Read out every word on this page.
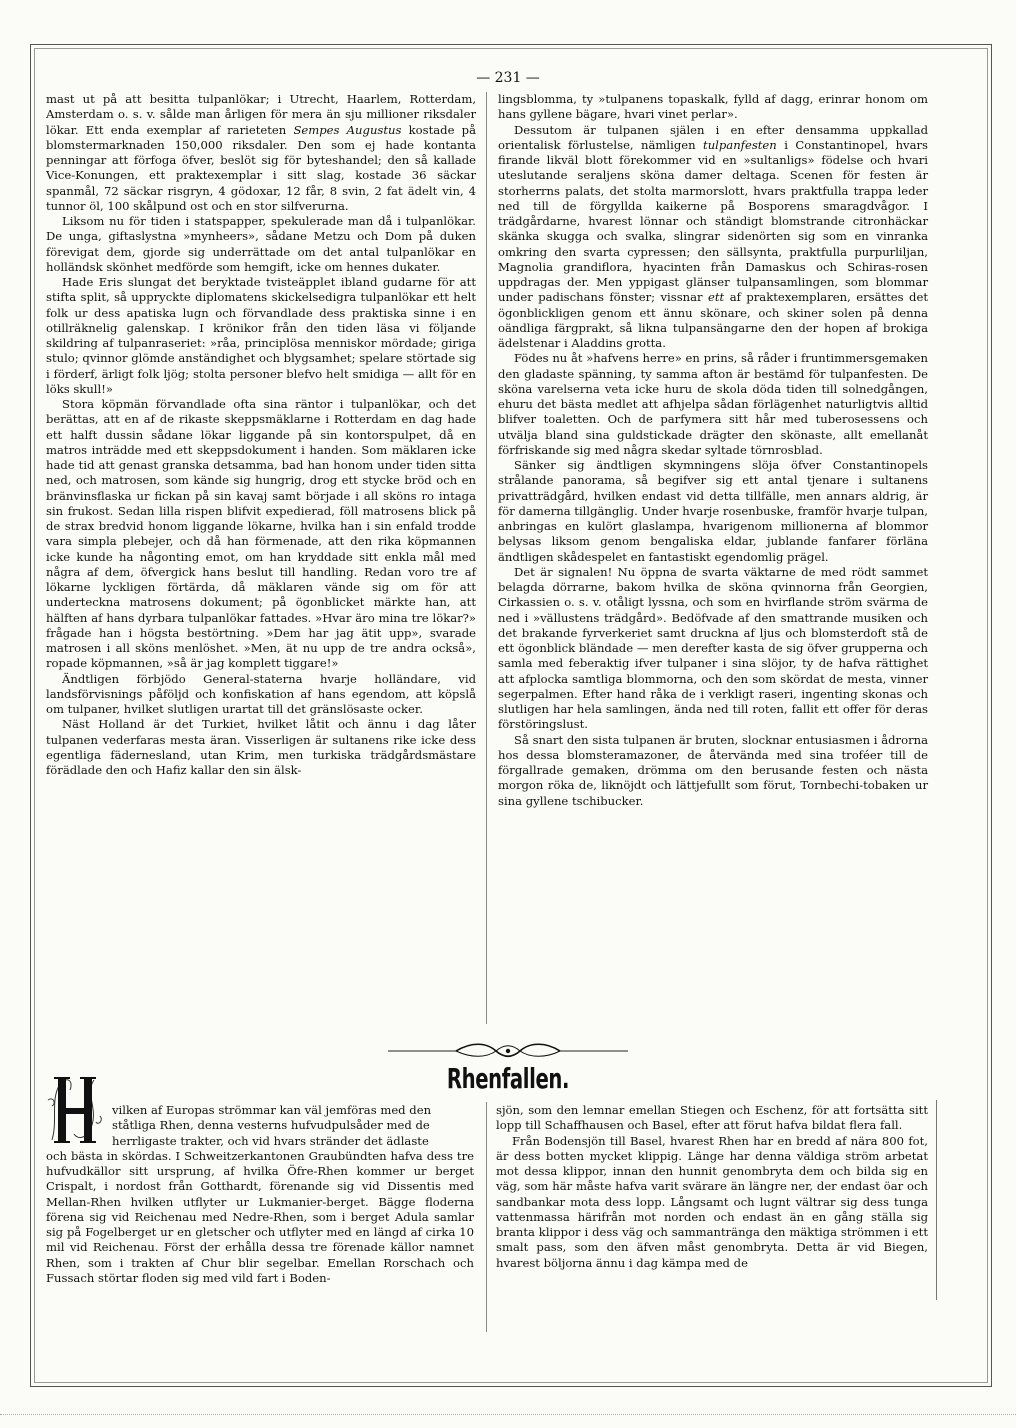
— 231 —

mast ut på att besitta tulpanlökar; i Utrecht, Haarlem, Rotterdam, Amsterdam o. s. v. sålde man årligen för mera än sju millioner riksdaler lökar. Ett enda exemplar af rarieteten Sempes Augustus kostade på blomstermarknaden 150,000 riksdaler. Den som ej hade kontanta penningar att förfoga öfver, beslöt sig för byteshandel; den så kallade Vice-Konungen, ett praktexemplar i sitt slag, kostade 36 säckar spanmål, 72 säckar risgryn, 4 gödoxar, 12 får, 8 svin, 2 fat ädelt vin, 4 tunnor öl, 100 skålpund ost och en stor silfverurna.

Liksom nu för tiden i statspapper, spekulerade man då i tulpanlökar. De unga, giftaslystna »mynheers», sådane Metzu och Dom på duken förevigat dem, gjorde sig underrättade om det antal tulpanlökar en holländsk skönhet medförde som hemgift, icke om hennes dukater.

Hade Eris slungat det beryktade tvisteäpplet ibland gudarne för att stifta split, så uppryckte diplomatens skickelsedigra tulpanlökar ett helt folk ur dess apatiska lugn och förvandlade dess praktiska sinne i en otillräknelig galenskap. I krönikor från den tiden läsa vi följande skildring af tulpanraseriet: »råa, principlösa menniskor mördade; giriga stulo; qvinnor glömde anständighet och blygsamhet; spelare störtade sig i förderf, ärligt folk ljög; stolta personer blefvo helt smidiga — allt för en löks skull!»

Stora köpmän förvandlade ofta sina räntor i tulpanlökar, och det berättas, att en af de rikaste skeppsmäklarne i Rotterdam en dag hade ett halft dussin sådane lökar liggande på sin kontorspulpet, då en matros inträdde med ett skeppsdokument i handen. Som mäklaren icke hade tid att genast granska detsamma, bad han honom under tiden sitta ned, och matrosen, som kände sig hungrig, drog ett stycke bröd och en bränvinsflaska ur fickan på sin kavaj samt började i all sköns ro intaga sin frukost. Sedan lilla rispen blifvit expedierad, föll matrosens blick på de strax bredvid honom liggande lökarne, hvilka han i sin enfald trodde vara simpla plebejer, och då han förmenade, att den rika köpmannen icke kunde ha någonting emot, om han kryddade sitt enkla mål med några af dem, öfvergick hans beslut till handling. Redan voro tre af lökarne lyckligen förtärda, då mäklaren vände sig om för att underteckna matrosens dokument; på ögonblicket märkte han, att hälften af hans dyrbara tulpanlökar fattades. »Hvar äro mina tre lökar?» frågade han i högsta bestörtning. »Dem har jag ätit upp», svarade matrosen i all sköns menlöshet. »Men, ät nu upp de tre andra också», ropade köpmannen, »så är jag komplett tiggare!»

Ändtligen förbjödo General-staterna hvarje holländare, vid landsförvisnings påföljd och konfiskation af hans egendom, att köpslå om tulpaner, hvilket slutligen urartat till det gränslösaste ocker.

Näst Holland är det Turkiet, hvilket låtit och ännu i dag låter tulpanen vederfaras mesta äran. Visserligen är sultanens rike icke dess egentliga fädernesland, utan Krim, men turkiska trädgårdsmästare förädlade den och Hafiz kallar den sin älsk-

lingsblomma, ty »tulpanens topaskalk, fylld af dagg, erinrar honom om hans gyllene bägare, hvari vinet perlar».

Dessutom är tulpanen själen i en efter densamma uppkallad orientalisk förlustelse, nämligen tulpanfesten i Constantinopel, hvars firande likväl blott förekommer vid en »sultanligs» födelse och hvari uteslutande seraljens sköna damer deltaga. Scenen för festen är storherrns palats, det stolta marmorslott, hvars praktfulla trappa leder ned till de förgyllda kaikerne på Bosporens smaragdvågor. I trädgårdarne, hvarest lönnar och ständigt blomstrande citronhäckar skänka skugga och svalka, slingrar sidenörten sig som en vinranka omkring den svarta cypressen; den sällsynta, praktfulla purpurliljan, Magnolia grandiflora, hyacinten från Damaskus och Schiras-rosen uppdragas der. Men yppigast glänser tulpansamlingen, som blommar under padischans fönster; vissnar ett af praktexemplaren, ersättes det ögonblickligen genom ett ännu skönare, och skiner solen på denna oändliga färgprakt, så likna tulpansängarne den der hopen af brokiga ädelstenar i Aladdins grotta.

Födes nu åt »hafvens herre» en prins, så råder i fruntimmersgemaken den gladaste spänning, ty samma afton är bestämd för tulpanfesten. De sköna varelserna veta icke huru de skola döda tiden till solnedgången, ehuru det bästa medlet att afhjelpa sådan förlägenhet naturligtvis alltid blifver toaletten. Och de parfymera sitt hår med tuberosessens och utvälja bland sina guldstickade drägter den skönaste, allt emellanåt förfriskande sig med några skedar syltade törnrosblad.

Sänker sig ändtligen skymningens slöja öfver Constantinopels strålande panorama, så begifver sig ett antal tjenare i sultanens privatträdgård, hvilken endast vid detta tillfälle, men annars aldrig, är för damerna tillgänglig. Under hvarje rosenbuske, framför hvarje tulpan, anbringas en kulört glaslampa, hvarigenom millionerna af blommor belysas liksom genom bengaliska eldar, jublande fanfarer förläna ändtligen skådespelet en fantastiskt egendomlig prägel.

Det är signalen! Nu öppna de svarta väktarne de med rödt sammet belagda dörrarne, bakom hvilka de sköna qvinnorna från Georgien, Cirkassien o. s. v. otåligt lyssna, och som en hvirflande ström svärma de ned i »vällustens trädgård». Bedöfvade af den smattrande musiken och det brakande fyrverkeriet samt druckna af ljus och blomsterdoft stå de ett ögonblick bländade — men derefter kasta de sig öfver grupperna och samla med feberaktig ifver tulpaner i sina slöjor, ty de hafva rättighet att afplocka samtliga blommorna, och den som skördat de mesta, vinner segerpalmen. Efter hand råka de i verkligt raseri, ingenting skonas och slutligen har hela samlingen, ända ned till roten, fallit ett offer för deras förstöringslust.

Så snart den sista tulpanen är bruten, slocknar entusiasmen i ådrorna hos dessa blomsteramazoner, de återvända med sina troféer till de förgallrade gemaken, drömma om den berusande festen och nästa morgon röka de, liknöjdt och lättjefullt som förut, Tornbechi-tobaken ur sina gyllene tschibucker.

Rhenfallen.

vilken af Europas strömmar kan väl jemföras med den

ståtliga Rhen, denna vesterns hufvudpulsåder med de

herrligaste trakter, och vid hvars stränder det ädlaste

och bästa in skördas. I Schweitzerkantonen Graubündten hafva dess tre hufvudkällor sitt ursprung, af hvilka Öfre-Rhen kommer ur berget Crispalt, i nordost från Gotthardt, förenande sig vid Dissentis med Mellan-Rhen hvilken utflyter ur Lukmanier-berget. Bägge floderna förena sig vid Reichenau med Nedre-Rhen, som i berget Adula samlar sig på Fogelberget ur en gletscher och utflyter med en längd af cirka 10 mil vid Reichenau. Först der erhålla dessa tre förenade källor namnet Rhen, som i trakten af Chur blir segelbar. Emellan Rorschach och Fussach störtar floden sig med vild fart i Boden-

sjön, som den lemnar emellan Stiegen och Eschenz, för att fortsätta sitt lopp till Schaffhausen och Basel, efter att förut hafva bildat flera fall.

Från Bodensjön till Basel, hvarest Rhen har en bredd af nära 800 fot, är dess botten mycket klippig. Länge har denna väldiga ström arbetat mot dessa klippor, innan den hunnit genombryta dem och bilda sig en väg, som här måste hafva varit svärare än längre ner, der endast öar och sandbankar mota dess lopp. Långsamt och lugnt vältrar sig dess tunga vattenmassa härifrån mot norden och endast än en gång ställa sig branta klippor i dess väg och sammantränga den mäktiga strömmen i ett smalt pass, som den äfven måst genombryta. Detta är vid Biegen, hvarest böljorna ännu i dag kämpa med de
